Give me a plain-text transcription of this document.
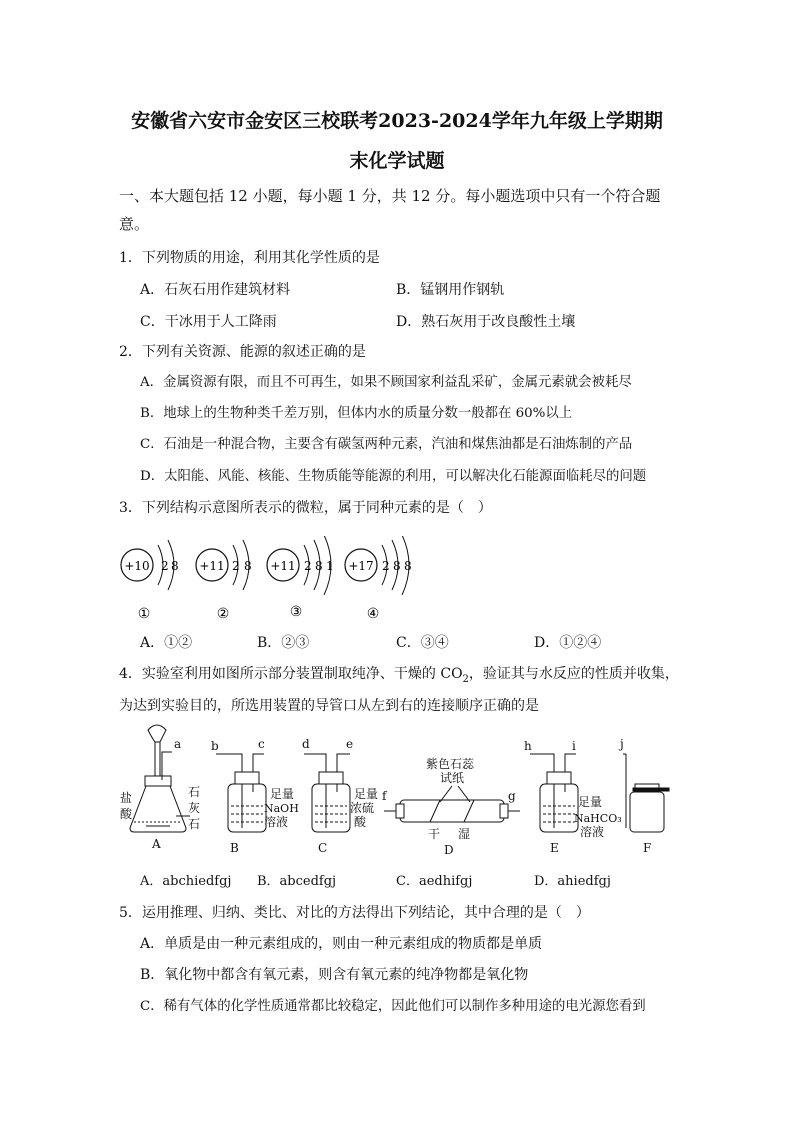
安徽省六安市金安区三校联考2023-2024学年九年级上学期期
末化学试题
一、本大题包括 12 小题，每小题 1 分，共 12 分。每小题选项中只有一个符合题
意。
1．下列物质的用途，利用其化学性质的是
A．石灰石用作建筑材料	B．锰钢用作钢轨
C．干冰用于人工降雨	D．熟石灰用于改良酸性土壤
2．下列有关资源、能源的叙述正确的是
A．金属资源有限，而且不可再生，如果不顾国家利益乱采矿，金属元素就会被耗尽
B．地球上的生物种类千差万别，但体内水的质量分数一般都在 60%以上
C．石油是一种混合物，主要含有碳氢两种元素，汽油和煤焦油都是石油炼制的产品
D．太阳能、风能、核能、生物质能等能源的利用，可以解决化石能源面临耗尽的问题
3．下列结构示意图所表示的微粒，属于同种元素的是（　）
+10 2 8
①
+11 2 8
②
+11 2 8 1
③
+17 2 8 8
④
A．①②	B．②③	C．③④	D．①②④
4．实验室利用如图所示部分装置制取纯净、干燥的 $CO_2$，验证其与水反应的性质并收集，
为达到实验目的，所选用装置的导管口从左到右的连接顺序正确的是
a
盐
酸
石
灰
石
A
b	c
足量
NaOH
溶液
B
d	e
足量
浓硫
酸
C
紫色石蕊
试纸
f	g
干 湿
D
h	i
足量
NaHCO₃
溶液
E
j
F
A．abchiedfgj B．abcedfgj	C．aedhifgj	D．ahiedfgj
5．运用推理、归纳、类比、对比的方法得出下列结论，其中合理的是（　）
A．单质是由一种元素组成的，则由一种元素组成的物质都是单质
B．氧化物中都含有氧元素，则含有氧元素的纯净物都是氧化物
C．稀有气体的化学性质通常都比较稳定，因此他们可以制作多种用途的电光源您看到
